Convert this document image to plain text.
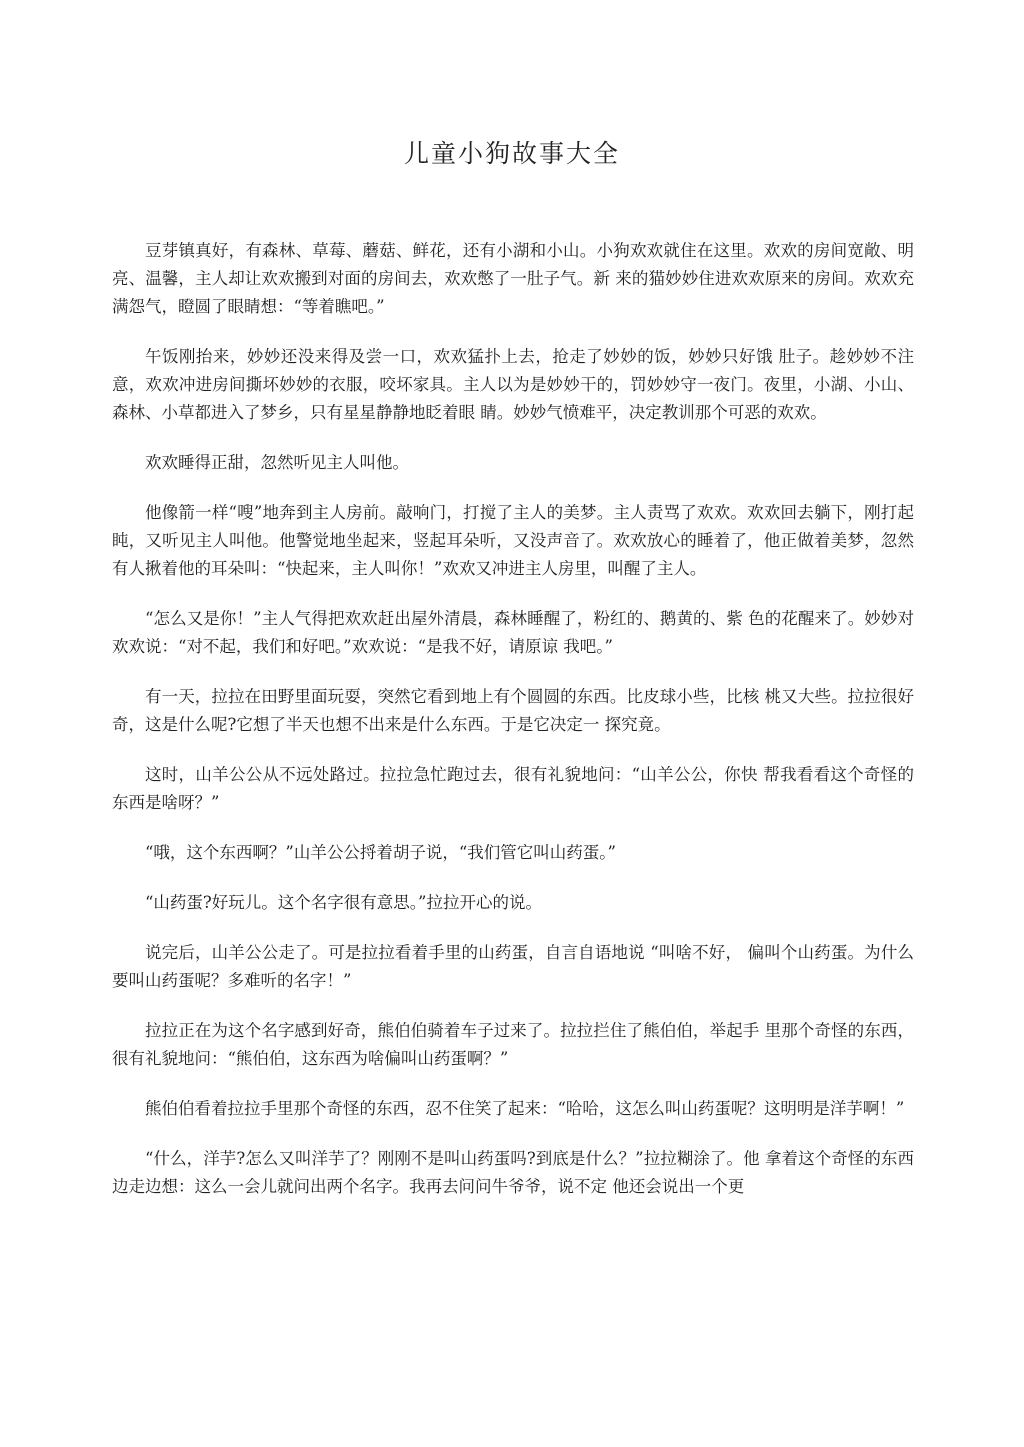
儿童小狗故事大全

豆芽镇真好，有森林、草莓、蘑菇、鲜花，还有小湖和小山。小狗欢欢就住在这里。欢欢的房间宽敞、明亮、温馨，主人却让欢欢搬到对面的房间去，欢欢憋了一肚子气。新 来的猫妙妙住进欢欢原来的房间。欢欢充满怨气，瞪圆了眼睛想：“等着瞧吧。”

午饭刚抬来，妙妙还没来得及尝一口，欢欢猛扑上去，抢走了妙妙的饭，妙妙只好饿 肚子。趁妙妙不注意，欢欢冲进房间撕坏妙妙的衣服，咬坏家具。主人以为是妙妙干的，罚妙妙守一夜门。夜里，小湖、小山、森林、小草都进入了梦乡，只有星星静静地眨着眼 睛。妙妙气愤难平，决定教训那个可恶的欢欢。

欢欢睡得正甜，忽然听见主人叫他。

他像箭一样“嗖”地奔到主人房前。敲响门，打搅了主人的美梦。主人责骂了欢欢。欢欢回去躺下，刚打起盹，又听见主人叫他。他警觉地坐起来，竖起耳朵听，又没声音了。欢欢放心的睡着了，他正做着美梦，忽然有人揪着他的耳朵叫：“快起来，主人叫你！”欢欢又冲进主人房里，叫醒了主人。

“怎么又是你！”主人气得把欢欢赶出屋外清晨，森林睡醒了，粉红的、鹅黄的、紫 色的花醒来了。妙妙对欢欢说：“对不起，我们和好吧。”欢欢说：“是我不好，请原谅 我吧。”

有一天，拉拉在田野里面玩耍，突然它看到地上有个圆圆的东西。比皮球小些，比核 桃又大些。拉拉很好奇，这是什么呢?它想了半天也想不出来是什么东西。于是它决定一 探究竟。

这时，山羊公公从不远处路过。拉拉急忙跑过去，很有礼貌地问：“山羊公公，你快 帮我看看这个奇怪的东西是啥呀？”

“哦，这个东西啊？”山羊公公捋着胡子说，“我们管它叫山药蛋。”

“山药蛋?好玩儿。这个名字很有意思。”拉拉开心的说。

说完后，山羊公公走了。可是拉拉看着手里的山药蛋，自言自语地说 “叫啥不好， 偏叫个山药蛋。为什么要叫山药蛋呢？多难听的名字！”

拉拉正在为这个名字感到好奇，熊伯伯骑着车子过来了。拉拉拦住了熊伯伯，举起手 里那个奇怪的东西，很有礼貌地问：“熊伯伯，这东西为啥偏叫山药蛋啊？”

熊伯伯看着拉拉手里那个奇怪的东西，忍不住笑了起来：“哈哈，这怎么叫山药蛋呢？这明明是洋芋啊！”

“什么，洋芋?怎么又叫洋芋了？刚刚不是叫山药蛋吗?到底是什么？”拉拉糊涂了。他 拿着这个奇怪的东西边走边想：这么一会儿就问出两个名字。我再去问问牛爷爷，说不定 他还会说出一个更
